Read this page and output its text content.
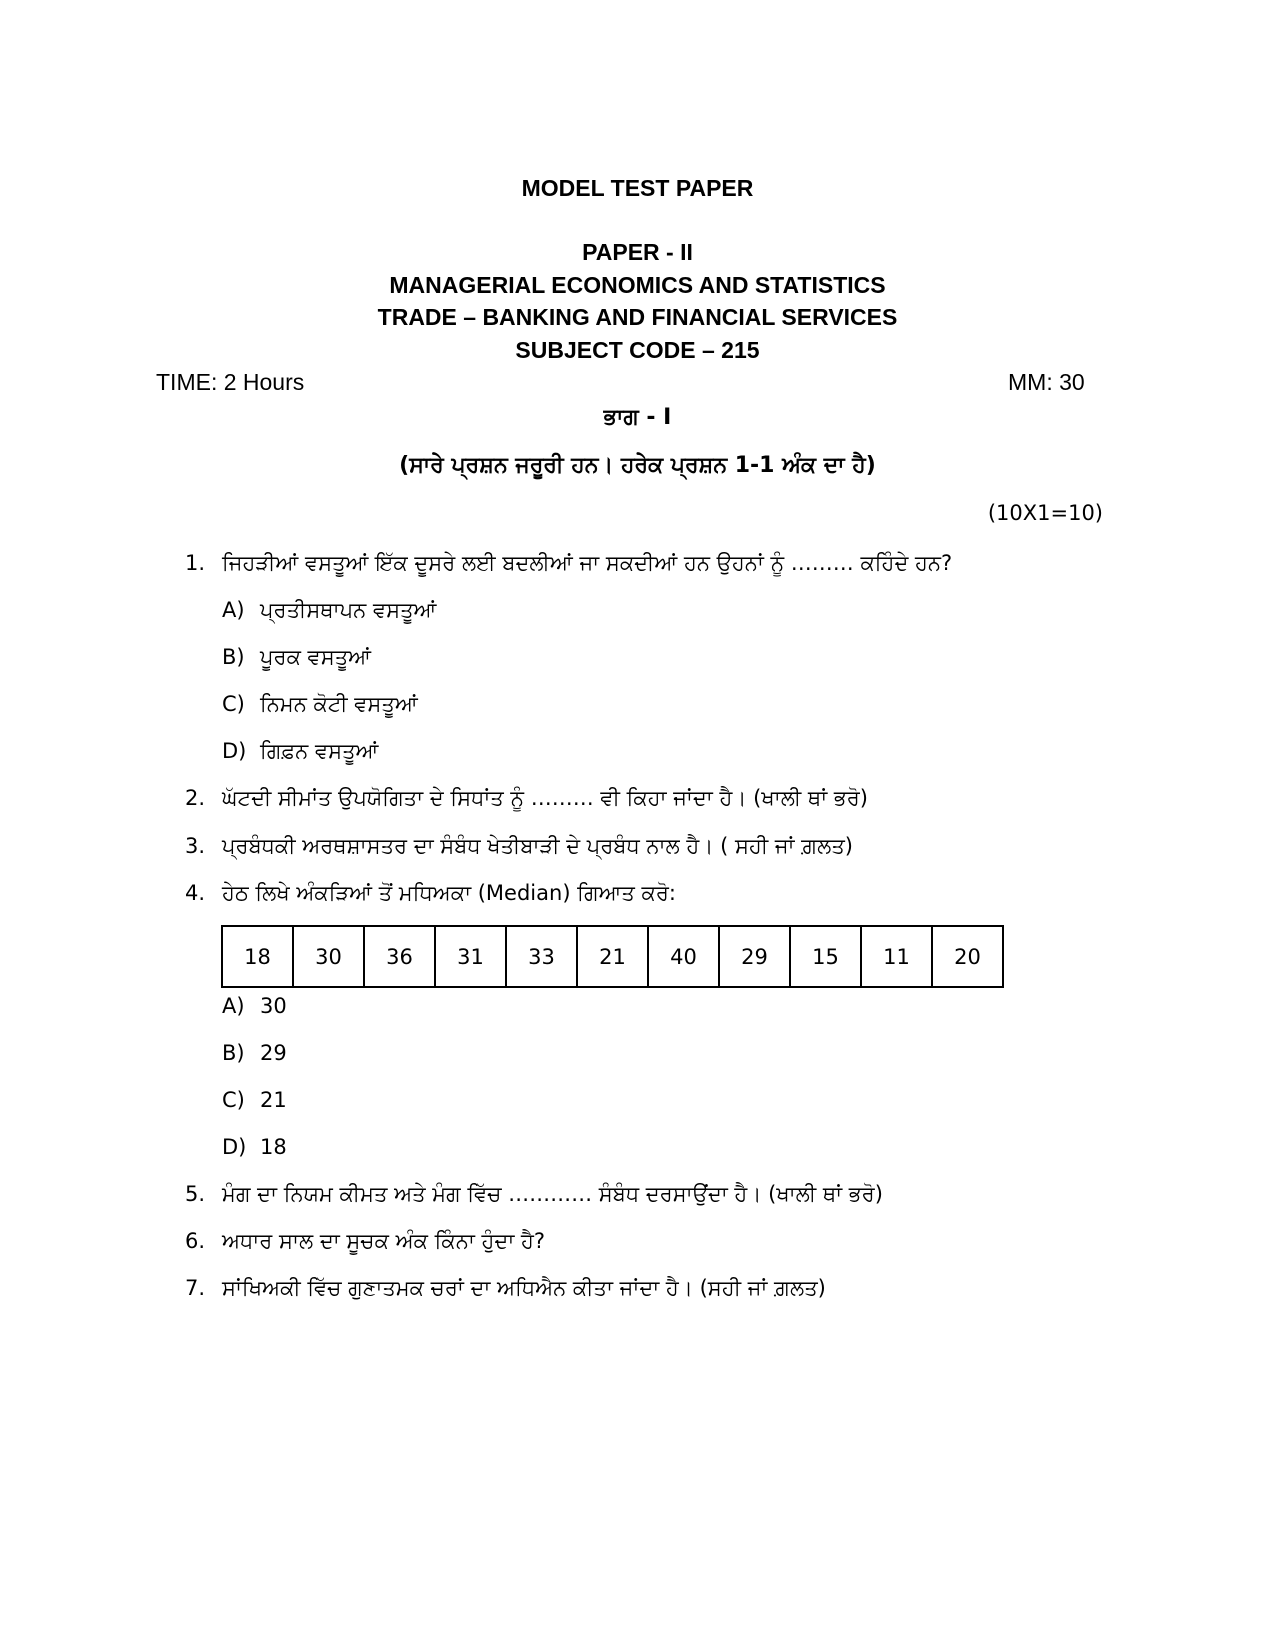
MODEL TEST PAPER
PAPER - II
MANAGERIAL ECONOMICS AND STATISTICS
TRADE – BANKING AND FINANCIAL SERVICES
SUBJECT CODE – 215
TIME: 2 Hours	MM: 30
ਭਾਗ - I
(ਸਾਰੇ ਪ੍ਰਸ਼ਨ ਜਰੂਰੀ ਹਨ। ਹਰੇਕ ਪ੍ਰਸ਼ਨ 1-1 ਅੰਕ ਦਾ ਹੈ)
(10X1=10)
1. ਜਿਹੜੀਆਂ ਵਸਤੂਆਂ ਇੱਕ ਦੂਸਰੇ ਲਈ ਬਦਲੀਆਂ ਜਾ ਸਕਦੀਆਂ ਹਨ ਉਹਨਾਂ ਨੂੰ ……… ਕਹਿੰਦੇ ਹਨ?
A) ਪ੍ਰਤੀਸਥਾਪਨ ਵਸਤੂਆਂ
B) ਪੂਰਕ ਵਸਤੂਆਂ
C) ਨਿਮਨ ਕੋਟੀ ਵਸਤੂਆਂ
D) ਗਿਫ਼ਨ ਵਸਤੂਆਂ
2. ਘੱਟਦੀ ਸੀਮਾਂਤ ਉਪਯੋਗਿਤਾ ਦੇ ਸਿਧਾਂਤ ਨੂੰ ……… ਵੀ ਕਿਹਾ ਜਾਂਦਾ ਹੈ। (ਖਾਲੀ ਥਾਂ ਭਰੋ)
3. ਪ੍ਰਬੰਧਕੀ ਅਰਥਸ਼ਾਸਤਰ ਦਾ ਸੰਬੰਧ ਖੇਤੀਬਾੜੀ ਦੇ ਪ੍ਰਬੰਧ ਨਾਲ ਹੈ। ( ਸਹੀ ਜਾਂ ਗ਼ਲਤ)
4. ਹੇਠ ਲਿਖੇ ਅੰਕੜਿਆਂ ਤੋਂ ਮਧਿਅਕਾ (Median) ਗਿਆਤ ਕਰੋ:
18	30	36	31	33	21	40	29	15	11	20
A) 30
B) 29
C) 21
D) 18
5. ਮੰਗ ਦਾ ਨਿਯਮ ਕੀਮਤ ਅਤੇ ਮੰਗ ਵਿੱਚ ………… ਸੰਬੰਧ ਦਰਸਾਉਂਦਾ ਹੈ। (ਖਾਲੀ ਥਾਂ ਭਰੋ)
6. ਅਧਾਰ ਸਾਲ ਦਾ ਸੂਚਕ ਅੰਕ ਕਿੰਨਾ ਹੁੰਦਾ ਹੈ?
7. ਸਾਂਖਿਅਕੀ ਵਿੱਚ ਗੁਣਾਤਮਕ ਚਰਾਂ ਦਾ ਅਧਿਐਨ ਕੀਤਾ ਜਾਂਦਾ ਹੈ। (ਸਹੀ ਜਾਂ ਗ਼ਲਤ)
